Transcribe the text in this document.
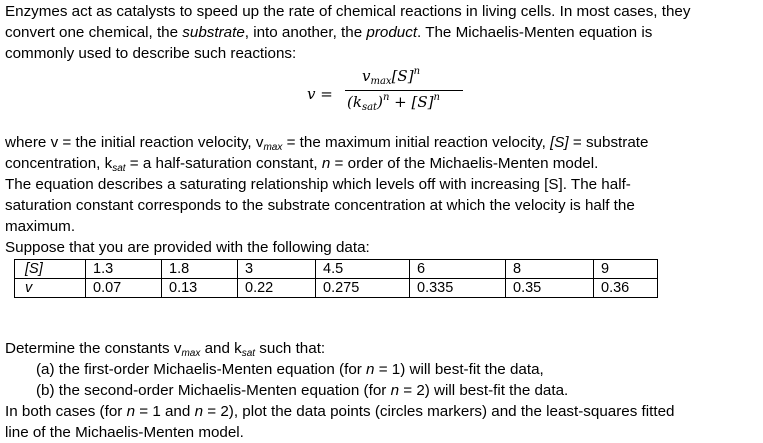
Enzymes act as catalysts to speed up the rate of chemical reactions in living cells. In most cases, they
convert one chemical, the substrate, into another, the product. The Michaelis-Menten equation is
commonly used to describe such reactions:
v =
$v_{max}[S]^n$
$(k_{sat})^n + [S]^n$
where v = the initial reaction velocity, $v_{max}$ = the maximum initial reaction velocity, [S] = substrate
concentration, $k_{sat} = a$ half-saturation constant, n = order of the Michaelis-Menten model.
The equation describes a saturating relationship which levels off with increasing [S]. The half-
saturation constant corresponds to the substrate concentration at which the velocity is half the
maximum.
Suppose that you are provided with the following data:
[S]	1.3	1.8	3	4.5	6	8	9
v	0.07	0.13	0.22	0.275	0.335	0.35	0.36
Determine the constants $v_{max}$ and $k_{sat}$ such that:
(a) the first-order Michaelis-Menten equation (for n = 1) will best-fit the data,
(b) the second-order Michaelis-Menten equation (for n = 2) will best-fit the data.
In both cases (for n = 1 and n = 2), plot the data points (circles markers) and the least-squares fitted
line of the Michaelis-Menten model.
